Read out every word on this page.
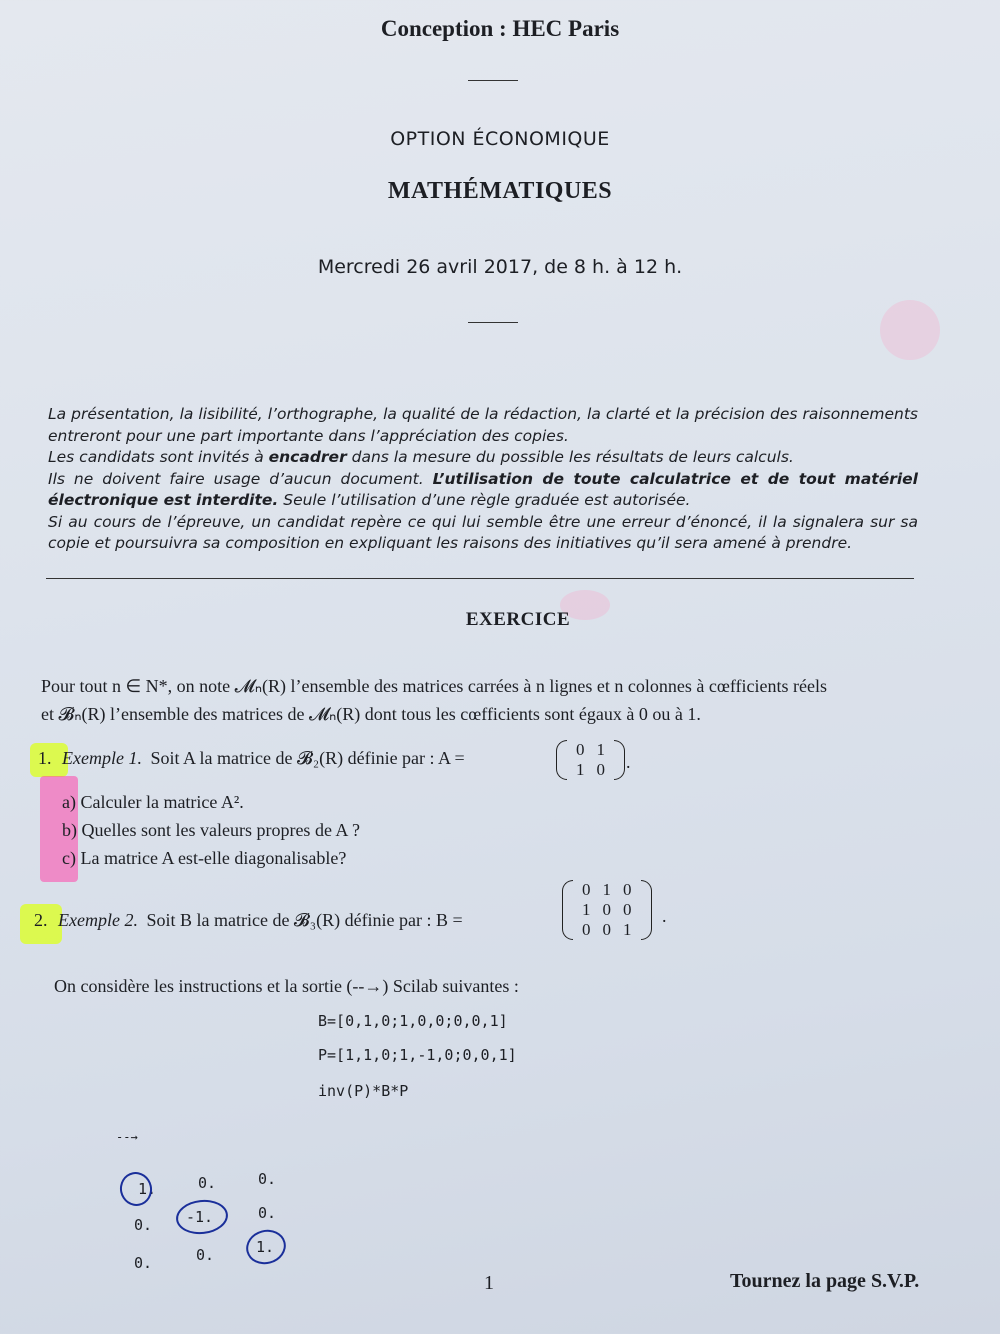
Conception : HEC Paris
OPTION ÉCONOMIQUE
MATHÉMATIQUES
Mercredi 26 avril 2017, de 8 h. à 12 h.
La présentation, la lisibilité, l’orthographe, la qualité de la rédaction, la clarté et la précision des raisonnements entreront pour une part importante dans l’appréciation des copies.
Les candidats sont invités à encadrer dans la mesure du possible les résultats de leurs calculs.
Ils ne doivent faire usage d’aucun document. L’utilisation de toute calculatrice et de tout matériel électronique est interdite. Seule l’utilisation d’une règle graduée est autorisée.
Si au cours de l’épreuve, un candidat repère ce qui lui semble être une erreur d’énoncé, il la signalera sur sa copie et poursuivra sa composition en expliquant les raisons des initiatives qu’il sera amené à prendre.
EXERCICE
Pour tout n ∈ N*, on note 𝓜ₙ(R) l’ensemble des matrices carrées à n lignes et n colonnes à cœfficients réels
et 𝓑ₙ(R) l’ensemble des matrices de 𝓜ₙ(R) dont tous les cœfficients sont égaux à 0 ou à 1.
1. Exemple 1. Soit A la matrice de 𝓑₂(R) définie par : A =	0	1
1	0 .
a) Calculer la matrice A².
b) Quelles sont les valeurs propres de A ?
c) La matrice A est-elle diagonalisable?
2. Exemple 2. Soit B la matrice de 𝓑₃(R) définie par : B =
0	1	0
1	0	0
0	0	1
.
On considère les instructions et la sortie (--→) Scilab suivantes :
B=[0,1,0;1,0,0;0,0,1]
P=[1,1,0;1,-1,0;0,0,1]
inv(P)*B*P
--→
1.	0.	0.
0. -1.	0.
0.	0.	1.
1	Tournez la page S.V.P.
